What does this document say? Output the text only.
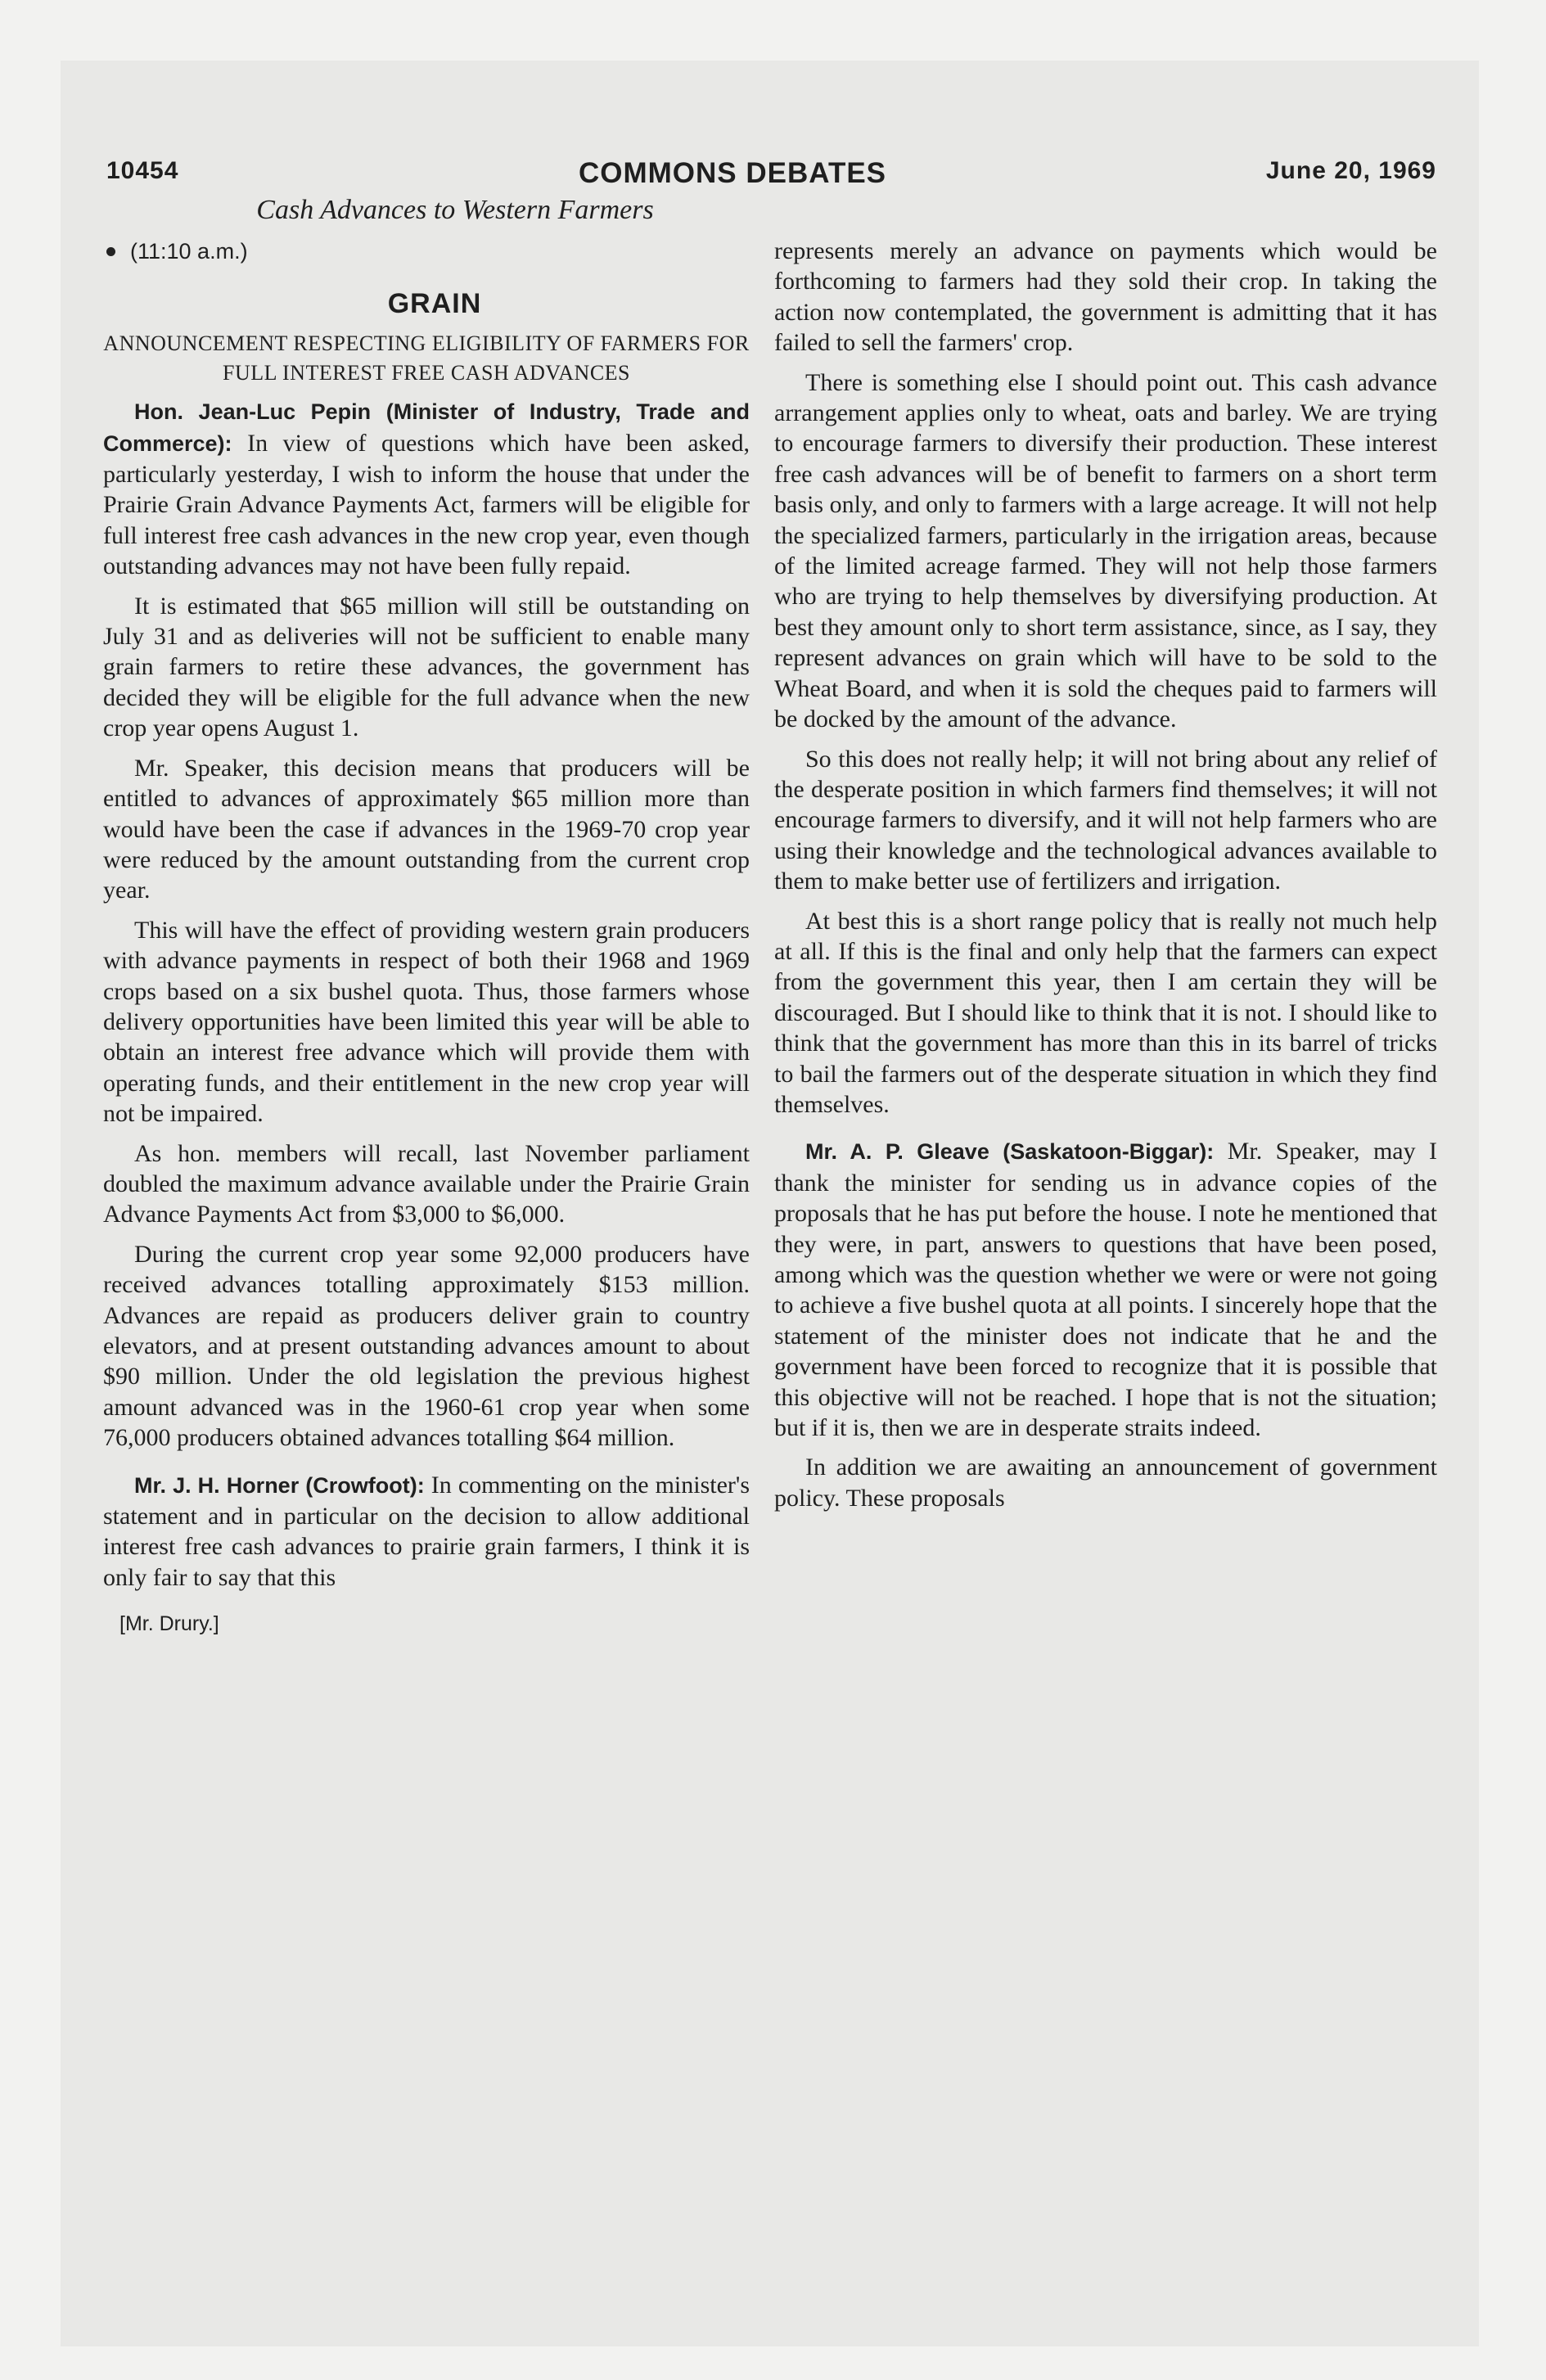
10454	COMMONS DEBATES	June 20, 1969
Cash Advances to Western Farmers
(11:10 a.m.)
GRAIN
ANNOUNCEMENT RESPECTING ELIGIBILITY OF FARMERS FOR FULL INTEREST FREE CASH ADVANCES

Hon. Jean-Luc Pepin (Minister of Industry, Trade and Commerce): In view of questions which have been asked, particularly yesterday, I wish to inform the house that under the Prairie Grain Advance Payments Act, farmers will be eligible for full interest free cash advances in the new crop year, even though outstanding advances may not have been fully repaid.

It is estimated that $65 million will still be outstanding on July 31 and as deliveries will not be sufficient to enable many grain farmers to retire these advances, the government has decided they will be eligible for the full advance when the new crop year opens August 1.

Mr. Speaker, this decision means that producers will be entitled to advances of approximately $65 million more than would have been the case if advances in the 1969-70 crop year were reduced by the amount outstanding from the current crop year.

This will have the effect of providing western grain producers with advance payments in respect of both their 1968 and 1969 crops based on a six bushel quota. Thus, those farmers whose delivery opportunities have been limited this year will be able to obtain an interest free advance which will provide them with operating funds, and their entitlement in the new crop year will not be impaired.

As hon. members will recall, last November parliament doubled the maximum advance available under the Prairie Grain Advance Payments Act from $3,000 to $6,000.

During the current crop year some 92,000 producers have received advances totalling approximately $153 million. Advances are repaid as producers deliver grain to country elevators, and at present outstanding advances amount to about $90 million. Under the old legislation the previous highest amount advanced was in the 1960-61 crop year when some 76,000 producers obtained advances totalling $64 million.

Mr. J. H. Horner (Crowfoot): In commenting on the minister's statement and in particular on the decision to allow additional interest free cash advances to prairie grain farmers, I think it is only fair to say that this

[Mr. Drury.]

represents merely an advance on payments which would be forthcoming to farmers had they sold their crop. In taking the action now contemplated, the government is admitting that it has failed to sell the farmers' crop.

There is something else I should point out. This cash advance arrangement applies only to wheat, oats and barley. We are trying to encourage farmers to diversify their production. These interest free cash advances will be of benefit to farmers on a short term basis only, and only to farmers with a large acreage. It will not help the specialized farmers, particularly in the irrigation areas, because of the limited acreage farmed. They will not help those farmers who are trying to help themselves by diversifying production. At best they amount only to short term assistance, since, as I say, they represent advances on grain which will have to be sold to the Wheat Board, and when it is sold the cheques paid to farmers will be docked by the amount of the advance.

So this does not really help; it will not bring about any relief of the desperate position in which farmers find themselves; it will not encourage farmers to diversify, and it will not help farmers who are using their knowledge and the technological advances available to them to make better use of fertilizers and irrigation.

At best this is a short range policy that is really not much help at all. If this is the final and only help that the farmers can expect from the government this year, then I am certain they will be discouraged. But I should like to think that it is not. I should like to think that the government has more than this in its barrel of tricks to bail the farmers out of the desperate situation in which they find themselves.

Mr. A. P. Gleave (Saskatoon-Biggar): Mr. Speaker, may I thank the minister for sending us in advance copies of the proposals that he has put before the house. I note he mentioned that they were, in part, answers to questions that have been posed, among which was the question whether we were or were not going to achieve a five bushel quota at all points. I sincerely hope that the statement of the minister does not indicate that he and the government have been forced to recognize that it is possible that this objective will not be reached. I hope that is not the situation; but if it is, then we are in desperate straits indeed.

In addition we are awaiting an announcement of government policy. These proposals
